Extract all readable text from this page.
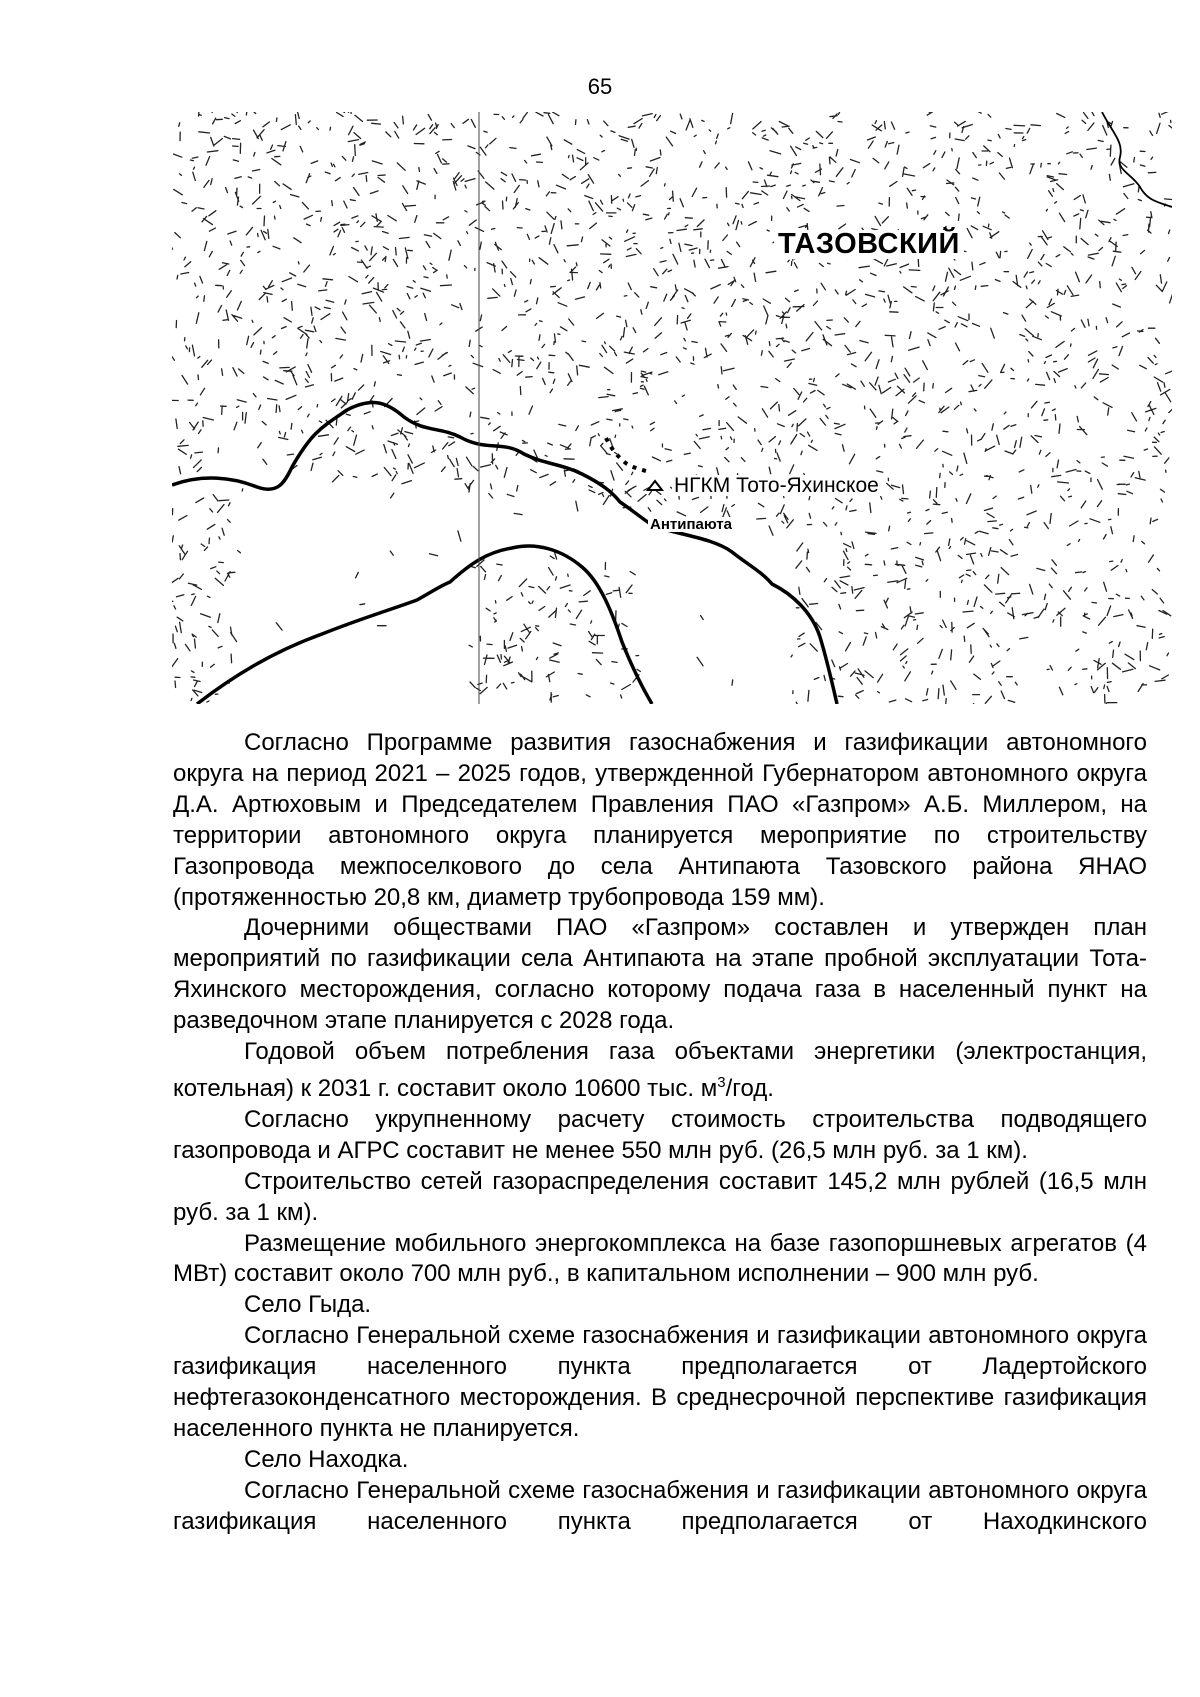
65
ТАЗОВСКИЙ
НГКМ Тото-Яхинское
Антипаюта

Согласно Программе развития газоснабжения и газификации автономного округа на период 2021 – 2025 годов, утвержденной Губернатором автономного округа Д.А. Артюховым и Председателем Правления ПАО «Газпром» А.Б. Миллером, на территории автономного округа планируется мероприятие по строительству Газопровода межпоселкового до села Антипаюта Тазовского района ЯНАО (протяженностью 20,8 км, диаметр трубопровода 159 мм).

Дочерними обществами ПАО «Газпром» составлен и утвержден план мероприятий по газификации села Антипаюта на этапе пробной эксплуатации Тота-Яхинского месторождения, согласно которому подача газа в населенный пункт на разведочном этапе планируется с 2028 года.

Годовой объем потребления газа объектами энергетики (электростанция, котельная) к 2031 г. составит около 10600 тыс. $м^3$/год.

Согласно укрупненному расчету стоимость строительства подводящего газопровода и АГРС составит не менее 550 млн руб. (26,5 млн руб. за 1 км).

Строительство сетей газораспределения составит 145,2 млн рублей (16,5 млн руб. за 1 км).

Размещение мобильного энергокомплекса на базе газопоршневых агрегатов (4 МВт) составит около 700 млн руб., в капитальном исполнении – 900 млн руб.

Село Гыда.

Согласно Генеральной схеме газоснабжения и газификации автономного округа газификация населенного пункта предполагается от Ладертойского нефтегазоконденсатного месторождения. В среднесрочной перспективе газификация населенного пункта не планируется.

Село Находка.

Согласно Генеральной схеме газоснабжения и газификации автономного округа газификация населенного пункта предполагается от Находкинского
